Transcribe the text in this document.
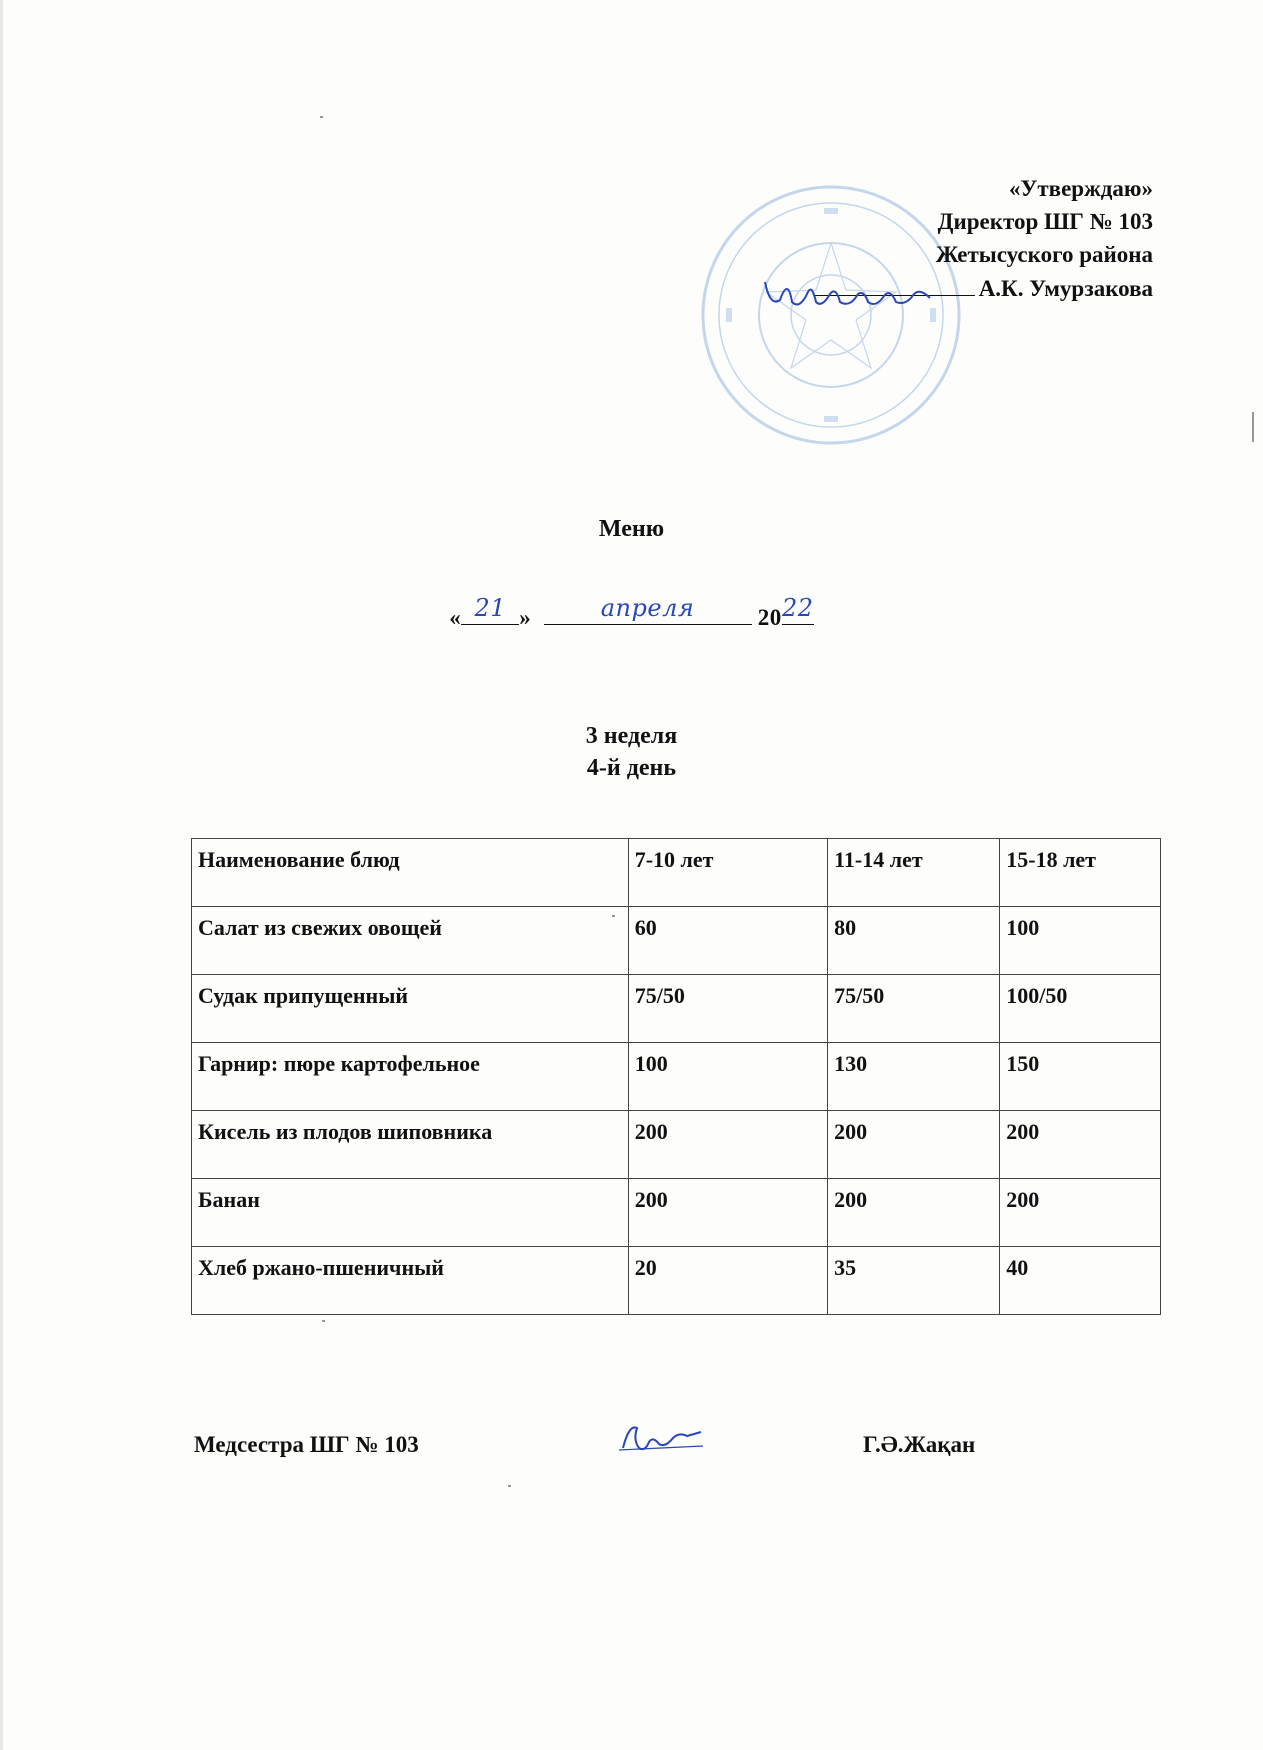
«Утверждаю»
Директор ШГ № 103
Жетысуского района
А.К. Умурзакова
Меню
« 21 »	апреля	20 22
3 неделя
4-й день
Наименование блюд	7-10 лет	11-14 лет	15-18 лет
Салат из свежих овощей	60	80	100
Судак припущенный	75/50	75/50	100/50
Гарнир: пюре картофельное	100	130	150
Кисель из плодов шиповника	200	200	200
Банан	200	200	200
Хлеб ржано-пшеничный	20	35	40
Медсестра ШГ № 103	Г.Ә.Жақан
